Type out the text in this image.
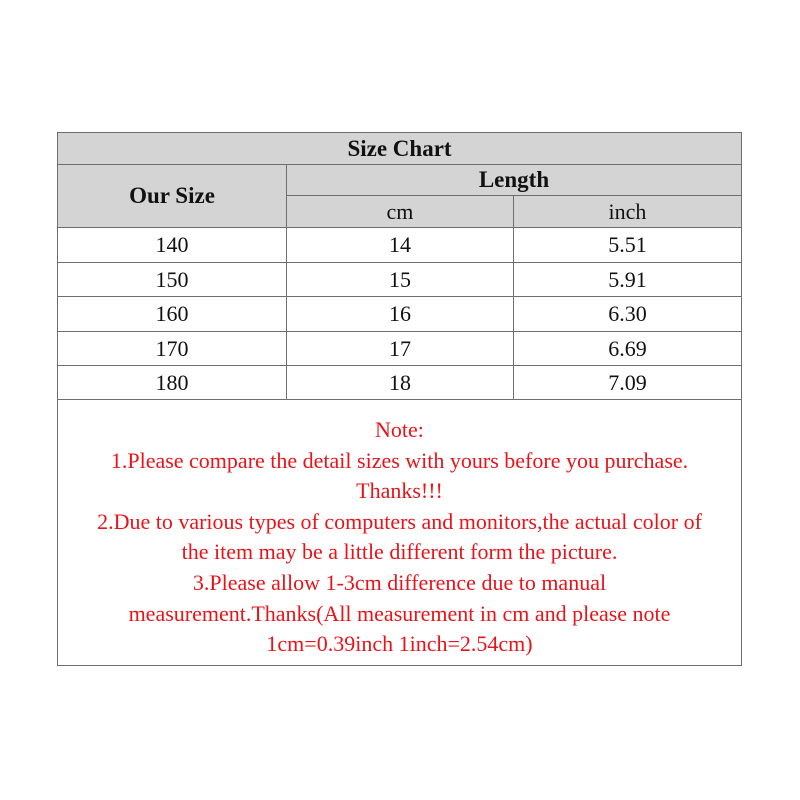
Size Chart
Our Size
Length
cm	inch
140	14	5.51
150	15	5.91
160	16	6.30
170	17	6.69
180	18	7.09
Note:
1.Please compare the detail sizes with yours before you purchase.
Thanks!!!
2.Due to various types of computers and monitors,the actual color of
the item may be a little different form the picture.
3.Please allow 1-3cm difference due to manual
measurement.Thanks(All measurement in cm and please note
1cm=0.39inch 1inch=2.54cm)
